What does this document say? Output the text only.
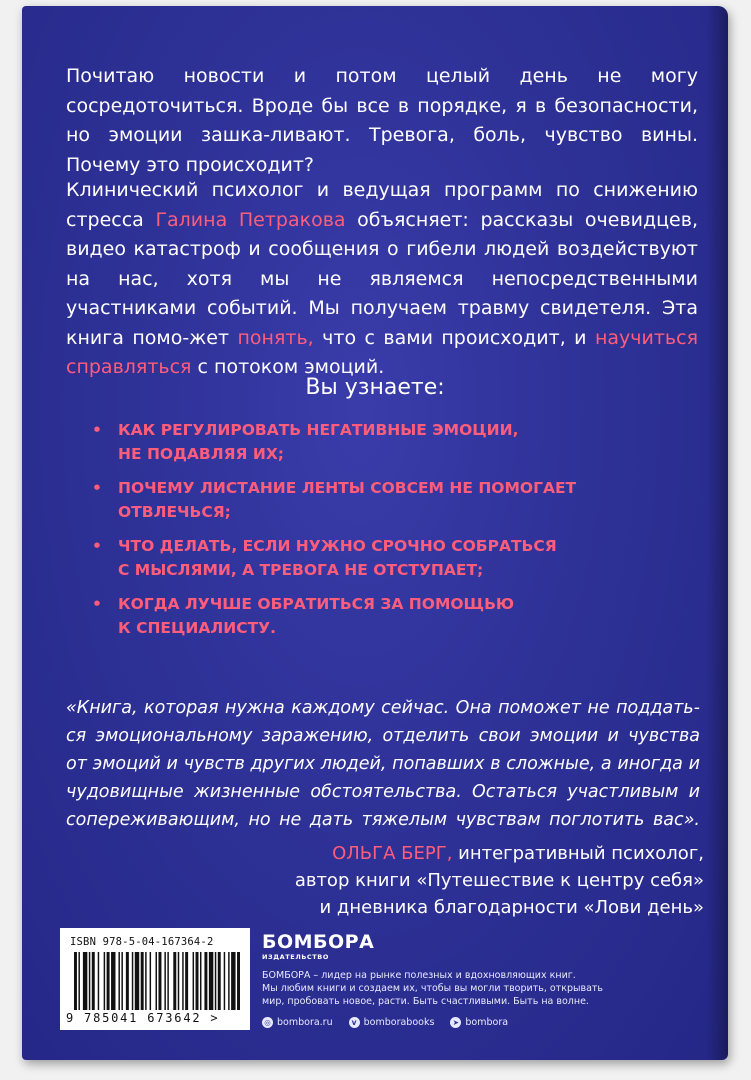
Почитаю новости и потом целый день не могу сосредоточиться. Вроде бы все в порядке, я в безопасности, но эмоции зашка-ливают. Тревога, боль, чувство вины. Почему это происходит?

Клинический психолог и ведущая программ по снижению стресса Галина Петракова объясняет: рассказы очевидцев, видео катастроф и сообщения о гибели людей воздействуют на нас, хотя мы не являемся непосредственными участниками событий. Мы получаем травму свидетеля. Эта книга помо-жет понять, что с вами происходит, и научиться справляться с потоком эмоций.

Вы узнаете:
• КАК РЕГУЛИРОВАТЬ НЕГАТИВНЫЕ ЭМОЦИИ,
НЕ ПОДАВЛЯЯ ИХ;
• ПОЧЕМУ ЛИСТАНИЕ ЛЕНТЫ СОВСЕМ НЕ ПОМОГАЕТ
ОТВЛЕЧЬСЯ;
• ЧТО ДЕЛАТЬ, ЕСЛИ НУЖНО СРОЧНО СОБРАТЬСЯ
С МЫСЛЯМИ, А ТРЕВОГА НЕ ОТСТУПАЕТ;
• КОГДА ЛУЧШЕ ОБРАТИТЬСЯ ЗА ПОМОЩЬЮ
К СПЕЦИАЛИСТУ.

«Книга, которая нужна каждому сейчас. Она поможет не поддать-ся эмоциональному заражению, отделить свои эмоции и чувства от эмоций и чувств других людей, попавших в сложные, а иногда и чудовищные жизненные обстоятельства. Остаться участливым и сопереживающим, но не дать тяжелым чувствам поглотить вас».

ОЛЬГА БЕРГ, интегративный психолог,
автор книги «Путешествие к центру себя»
и дневника благодарности «Лови день»
ISBN 978-5-04-167364-2
9 785041 673642 >
БОМБОРА
ИЗДАТЕЛЬСТВО
БОМБОРА – лидер на рынке полезных и вдохновляющих книг.
Мы любим книги и создаем их, чтобы вы могли творить, открывать
мир, пробовать новое, расти. Быть счастливыми. Быть на волне.
◎ bombora.ru	v bomborabooks	➤ bombora
